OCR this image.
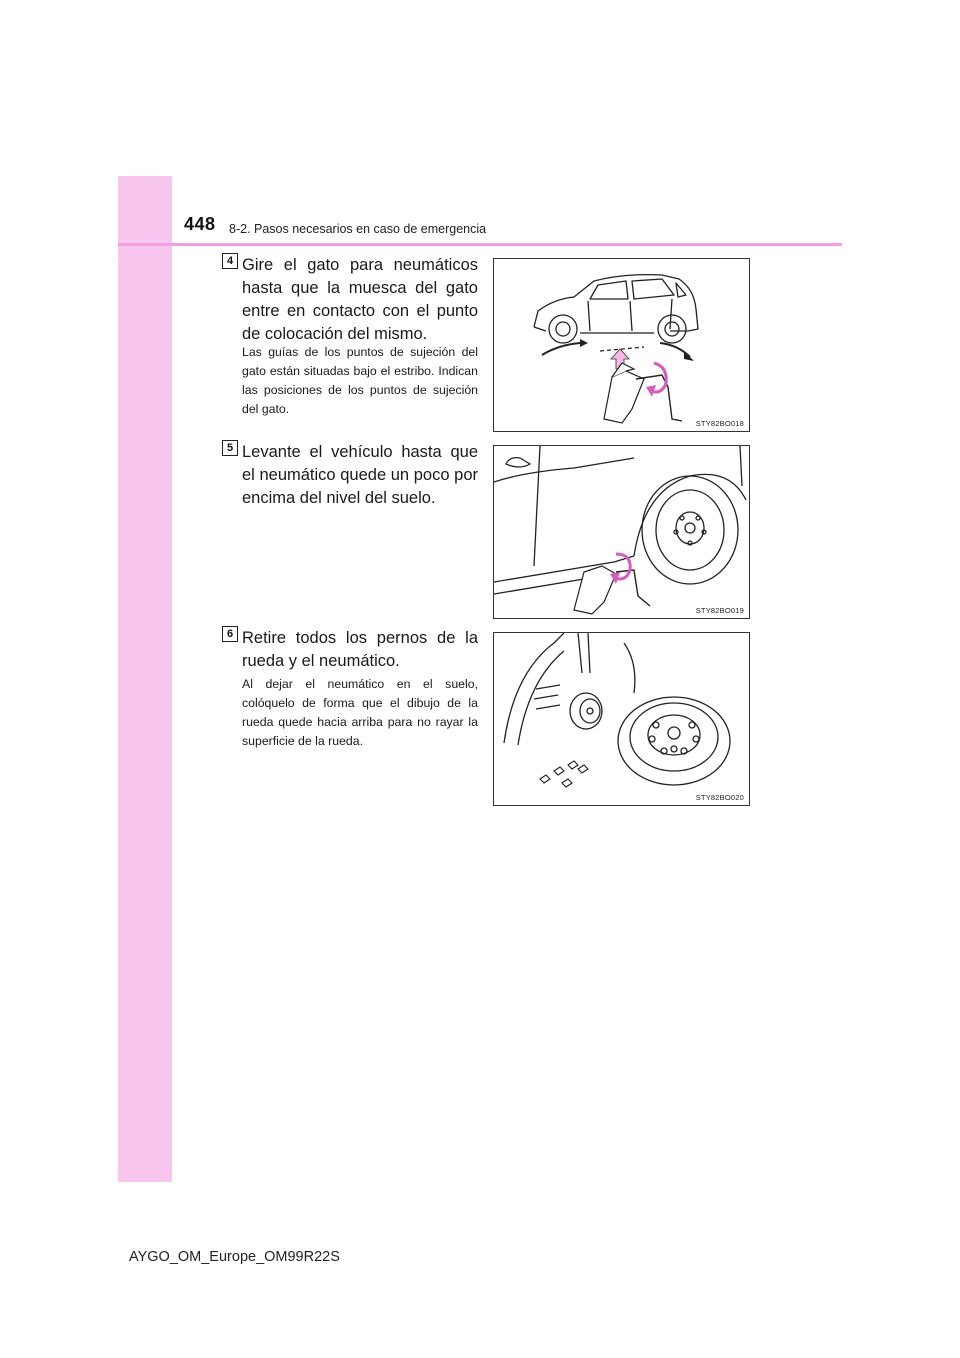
448 8-2. Pasos necesarios en caso de emergencia
4 Gire el gato para neumáticos hasta que la muesca del gato entre en contacto con el punto de colocación del mismo.
Las guías de los puntos de sujeción del gato están situadas bajo el estribo. Indican las posiciones de los puntos de sujeción del gato.
STY82BO018
5 Levante el vehículo hasta que el neumático quede un poco por encima del nivel del suelo.
STY82BO019
6 Retire todos los pernos de la rueda y el neumático.
Al dejar el neumático en el suelo, colóquelo de forma que el dibujo de la rueda quede hacia arriba para no rayar la superficie de la rueda.
STY82BO020
AYGO_OM_Europe_OM99R22S
